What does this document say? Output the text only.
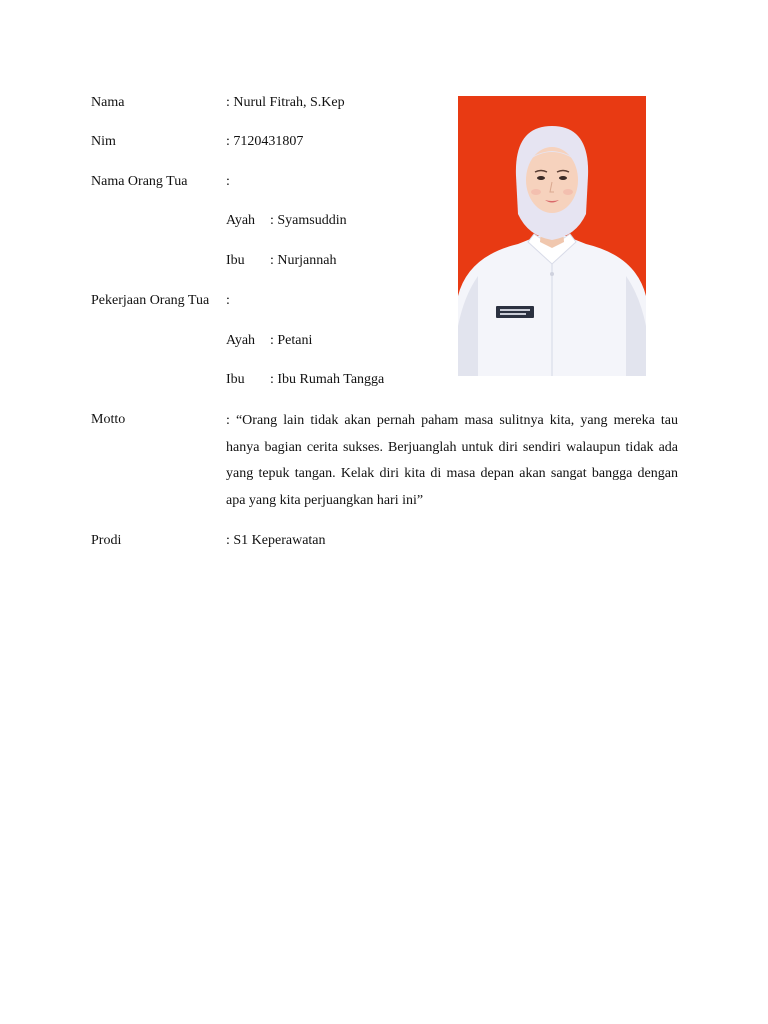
Nama	: Nurul Fitrah, S.Kep
Nim	: 7120431807
Nama Orang Tua	:
Ayah : Syamsuddin
Ibu : Nurjannah
Pekerjaan Orang Tua :
Ayah : Petani
Ibu : Ibu Rumah Tangga
Motto	: “Orang lain tidak akan pernah paham masa sulitnya kita, yang mereka tau hanya bagian cerita sukses. Berjuanglah untuk diri sendiri walaupun tidak ada yang tepuk tangan. Kelak diri kita di masa depan akan sangat bangga dengan apa yang kita perjuangkan hari ini”
Prodi	: S1 Keperawatan
